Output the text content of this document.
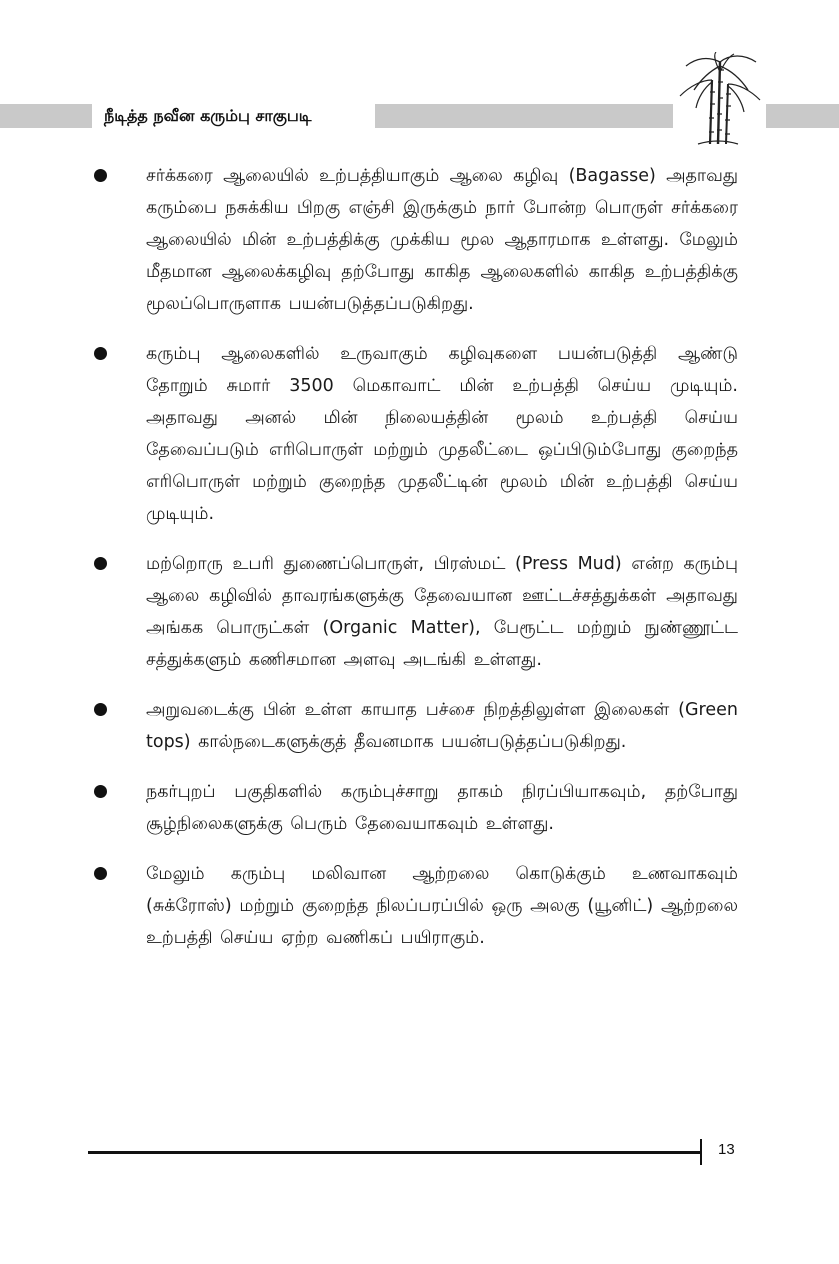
நீடித்த நவீன கரும்பு சாகுபடி
சர்க்கரை ஆலையில் உற்பத்தியாகும் ஆலை கழிவு (Bagasse) அதாவது கரும்பை நசுக்கிய பிறகு எஞ்சி இருக்கும் நார் போன்ற பொருள் சர்க்கரை ஆலையில் மின் உற்பத்திக்கு முக்கிய மூல ஆதாரமாக உள்ளது. மேலும் மீதமான ஆலைக்கழிவு தற்போது காகித ஆலைகளில் காகித உற்பத்திக்கு மூலப்பொருளாக பயன்படுத்தப்படுகிறது.
கரும்பு ஆலைகளில் உருவாகும் கழிவுகளை பயன்படுத்தி ஆண்டு தோறும் சுமார் 3500 மெகாவாட் மின் உற்பத்தி செய்ய முடியும். அதாவது அனல் மின் நிலையத்தின் மூலம் உற்பத்தி செய்ய தேவைப்படும் எரிபொருள் மற்றும் முதலீட்டை ஒப்பிடும்போது குறைந்த எரிபொருள் மற்றும் குறைந்த முதலீட்டின் மூலம் மின் உற்பத்தி செய்ய முடியும்.
மற்றொரு உபரி துணைப்பொருள், பிரஸ்மட் (Press Mud) என்ற கரும்பு ஆலை கழிவில் தாவரங்களுக்கு தேவையான ஊட்டச்சத்துக்கள் அதாவது அங்கக பொருட்கள் (Organic Matter), பேரூட்ட மற்றும் நுண்ணூட்ட சத்துக்களும் கணிசமான அளவு அடங்கி உள்ளது.
அறுவடைக்கு பின் உள்ள காயாத பச்சை நிறத்திலுள்ள இலைகள் (Green tops) கால்நடைகளுக்குத் தீவனமாக பயன்படுத்தப்படுகிறது.
நகர்புறப் பகுதிகளில் கரும்புச்சாறு தாகம் நிரப்பியாகவும், தற்போது சூழ்நிலைகளுக்கு பெரும் தேவையாகவும் உள்ளது.
மேலும் கரும்பு மலிவான ஆற்றலை கொடுக்கும் உணவாகவும் (சுக்ரோஸ்) மற்றும் குறைந்த நிலப்பரப்பில் ஒரு அலகு (யூனிட்) ஆற்றலை உற்பத்தி செய்ய ஏற்ற வணிகப் பயிராகும்.
13
